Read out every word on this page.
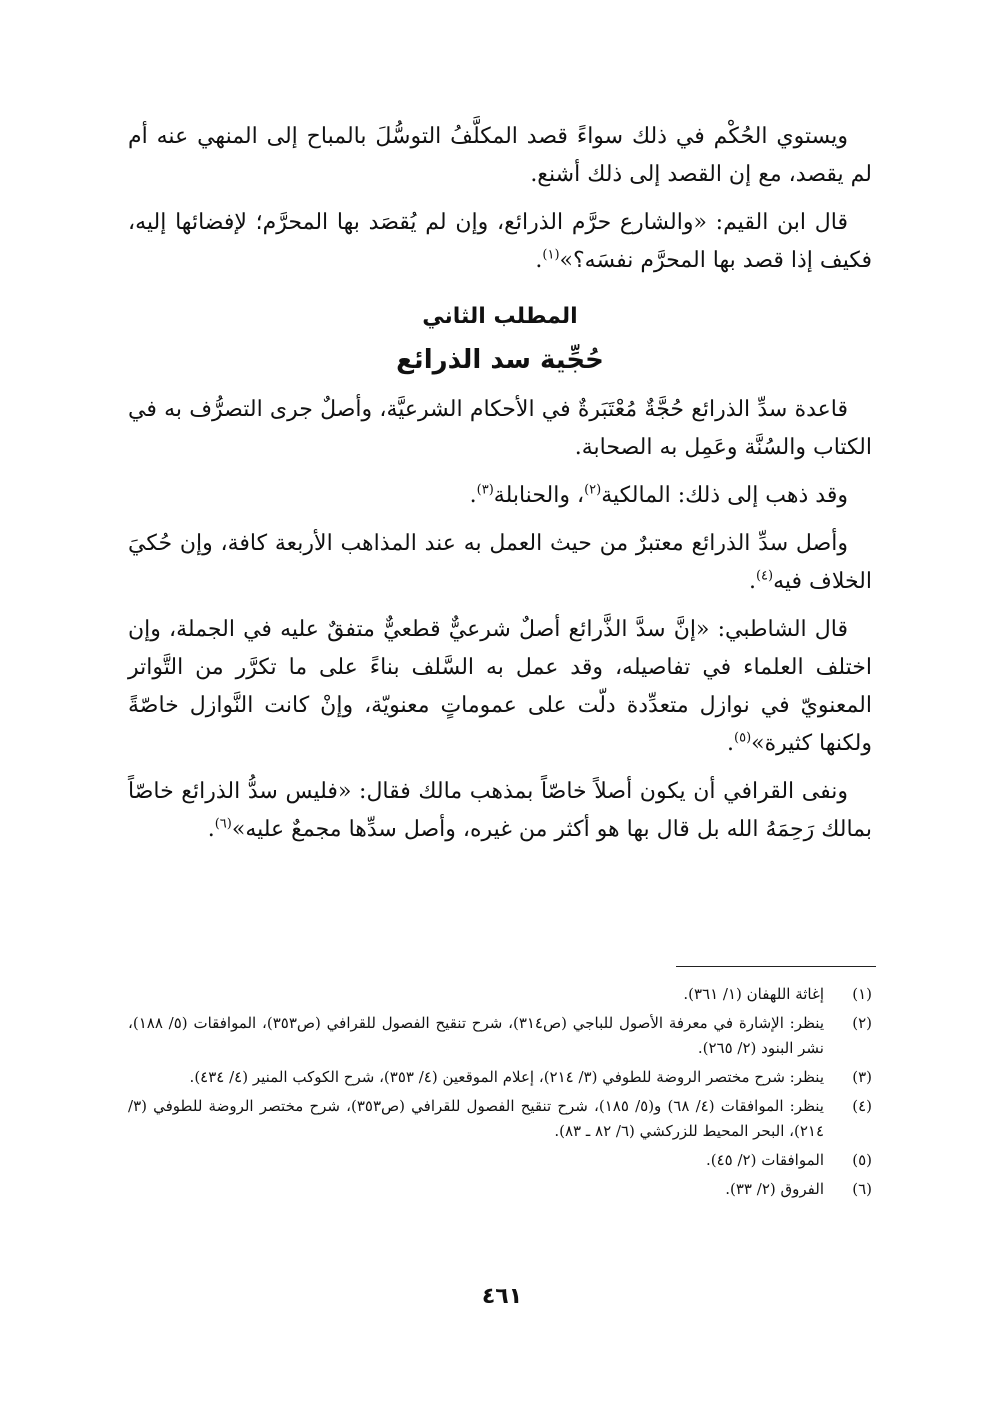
ويستوي الحُكْم في ذلك سواءً قصد المكلَّفُ التوسُّلَ بالمباح إلى المنهي عنه أم لم يقصد، مع إن القصد إلى ذلك أشنع.

قال ابن القيم: «والشارع حرَّم الذرائع، وإن لم يُقصَد بها المحرَّم؛ لإفضائها إليه، فكيف إذا قصد بها المحرَّم نفسَه؟»$^{(١)}$.

المطلب الثاني
حُجِّية سد الذرائع

قاعدة سدِّ الذرائع حُجَّةٌ مُعْتَبَرةٌ في الأحكام الشرعيَّة، وأصلٌ جرى التصرُّف به في الكتاب والسُنَّة وعَمِل به الصحابة.

وقد ذهب إلى ذلك: المالكية$^{(٢)}$، والحنابلة$^{(٣)}$.

وأصل سدِّ الذرائع معتبرٌ من حيث العمل به عند المذاهب الأربعة كافة، وإن حُكيَ الخلاف فيه$^{(٤)}$.

قال الشاطبي: «إنَّ سدَّ الذَّرائع أصلٌ شرعيٌّ قطعيٌّ متفقٌ عليه في الجملة، وإن اختلف العلماء في تفاصيله، وقد عمل به السَّلف بناءً على ما تكرَّر من التَّواتر المعنويّ في نوازل متعدِّدة دلّت على عموماتٍ معنويّة، وإنْ كانت النَّوازل خاصّةً ولكنها كثيرة»$^{(٥)}$.

ونفى القرافي أن يكون أصلاً خاصّاً بمذهب مالك فقال: «فليس سدُّ الذرائع خاصّاً بمالك رَحِمَهُ الله بل قال بها هو أكثر من غيره، وأصل سدِّها مجمعٌ عليه»$^{(٦)}$.

(١)
إغاثة اللهفان (١/ ٣٦١).
(٢)
ينظر: الإشارة في معرفة الأصول للباجي (ص٣١٤)، شرح تنقيح الفصول للقرافي (ص٣٥٣)، الموافقات (٥/ ١٨٨)، نشر البنود (٢/ ٢٦٥).
(٣)
ينظر: شرح مختصر الروضة للطوفي (٣/ ٢١٤)، إعلام الموقعين (٤/ ٣٥٣)، شرح الكوكب المنير (٤/ ٤٣٤).
(٤)
ينظر: الموافقات (٤/ ٦٨) و(٥/ ١٨٥)، شرح تنقيح الفصول للقرافي (ص٣٥٣)، شرح مختصر الروضة للطوفي (٣/ ٢١٤)، البحر المحيط للزركشي (٦/ ٨٢ ـ ٨٣).
(٥)
الموافقات (٢/ ٤٥).
(٦)
الفروق (٢/ ٣٣).
٤٦١
